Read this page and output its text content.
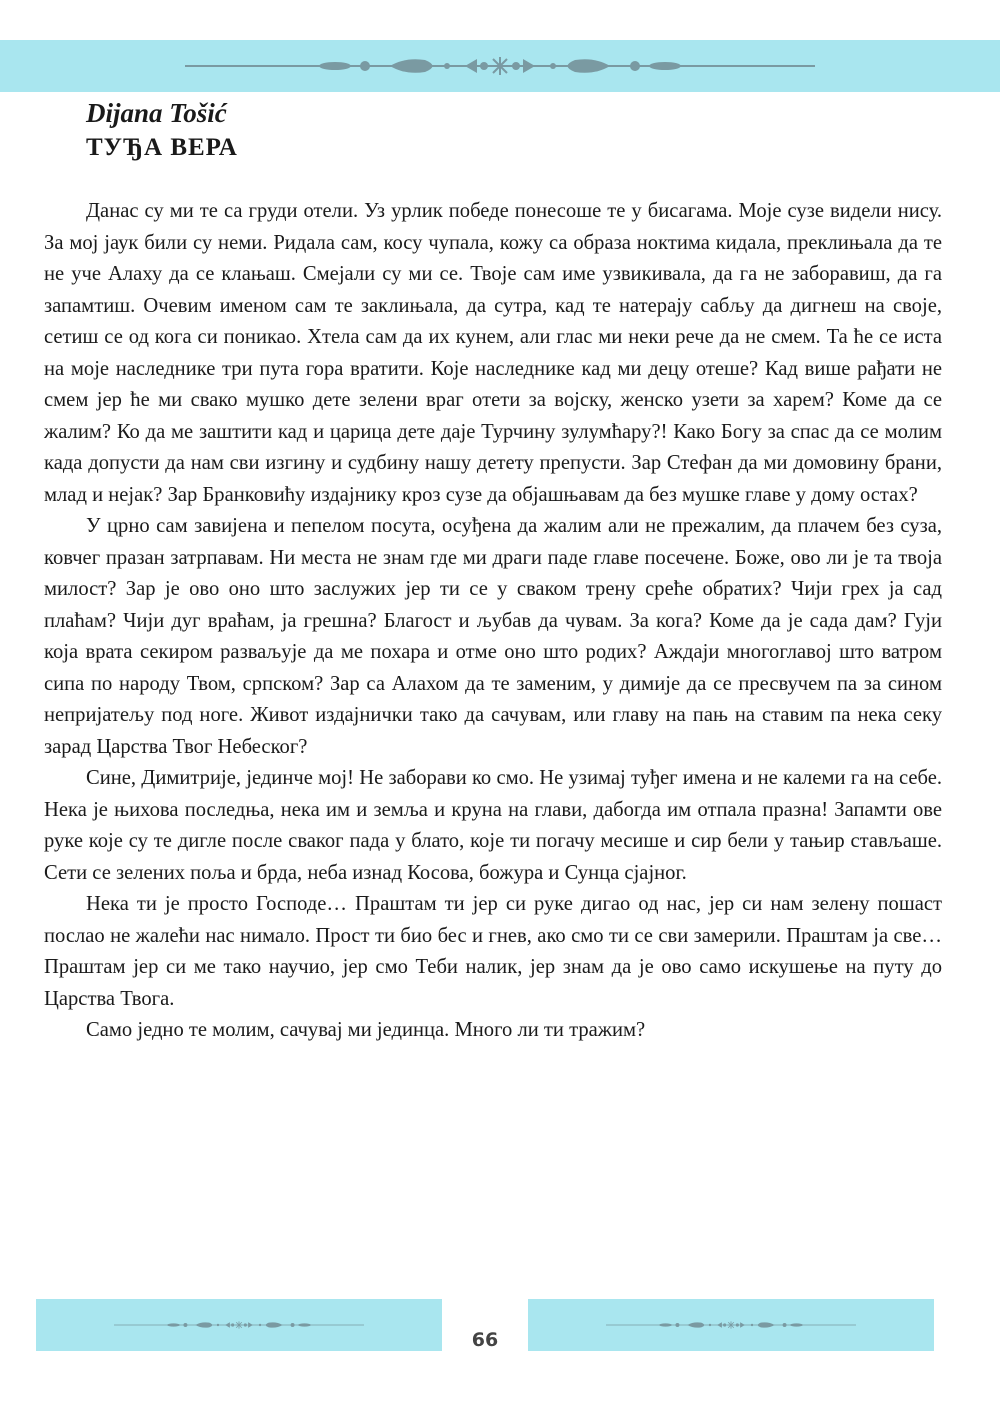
Dijana Tošić
ТУЂА ВЕРА

Данас су ми те са груди отели. Уз урлик победе понесоше те у бисагама. Моје сузе видели нису. За мој јаук били су неми. Ридала сам, косу чупала, кожу са образа ноктима кидала, преклињала да те не уче Алаху да се клањаш. Смејали су ми се. Твоје сам име узвикивала, да га не заборавиш, да га запамтиш. Очевим именом сам те заклињала, да сутра, кад те натерају сабљу да дигнеш на своје, сетиш се од кога си поникао. Хтела сам да их кунем, али глас ми неки рече да не смем. Та ће се иста на моје наследнике три пута гора вратити. Које наследнике кад ми децу отеше? Кад више рађати не смем јер ће ми свако мушко дете зелени враг отети за војску, женско узети за харем? Коме да се жалим? Ко да ме заштити кад и царица дете даје Турчину зулумћару?! Како Богу за спас да се молим када допусти да нам сви изгину и судбину нашу детету препусти. Зар Стефан да ми домовину брани, млад и нејак? Зар Бранковићу издајнику кроз сузе да објашњавам да без мушке главе у дому остах?

У црно сам завијена и пепелом посута, осуђена да жалим али не прежалим, да плачем без суза, ковчег празан затрпавам. Ни места не знам где ми драги паде главе посечене. Боже, ово ли је та твоја милост? Зар је ово оно што заслужих јер ти се у сваком трену среће обратих? Чији грех ја сад плаћам? Чији дуг враћам, ја грешна? Благост и љубав да чувам. За кога? Коме да је сада дам? Гуји која врата секиром разваљује да ме похара и отме оно што родих? Аждаји многоглавој што ватром сипа по народу Твом, српском? Зар са Алахом да те заменим, у димије да се пресвучем па за сином непријатељу под ноге. Живот издајнички тако да сачувам, или главу на пањ на ставим па нека секу зарад Царства Твог Небеског?

Сине, Димитрије, јединче мој! Не заборави ко смо. Не узимај туђег имена и не калеми га на себе. Нека је њихова последња, нека им и земља и круна на глави, дабогда им отпала празна! Запамти ове руке које су те дигле после сваког пада у блато, које ти погачу месише и сир бели у тањир стављаше. Сети се зелених поља и брда, неба изнад Косова, божура и Сунца сјајног.

Нека ти је просто Господе… Праштам ти јер си руке дигао од нас, јер си нам зелену пошаст послао не жалећи нас нимало. Прост ти био бес и гнев, ако смо ти се сви замерили. Праштам ја све… Праштам јер си ме тако научио, јер смо Теби налик, јер знам да је ово само искушење на путу до Царства Твога.

Само једно те молим, сачувај ми јединца. Много ли ти тражим?

66
